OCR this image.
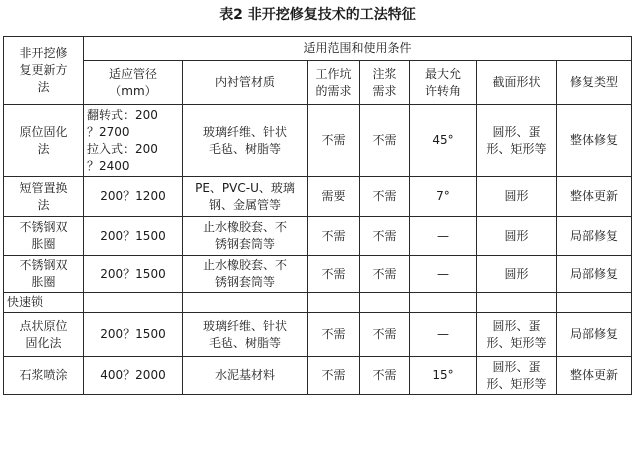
表2 非开挖修复技术的工法特征
非开挖修
复更新方
法	适用范围和使用条件						
	适应管径
（mm）	内衬管材质	工作坑
的需求	注浆
需求	最大允
许转角	截面形状	修复类型
原位固化
法	翻转式：200
？2700
拉入式：200
？2400	玻璃纤维、针状
毛毡、树脂等	不需	不需	45°	圆形、蛋
形、矩形等	整体修复
短管置换
法	200？1200	PE、PVC-U、玻璃
钢、金属管等	需要	不需	7°	圆形	整体更新
不锈钢双
胀圈	200？1500	止水橡胶套、不
锈钢套筒等	不需	不需	—	圆形	局部修复
不锈钢双
胀圈	200？1500	止水橡胶套、不
锈钢套筒等	不需	不需	—	圆形	局部修复
快速锁							
点状原位
固化法	200？1500	玻璃纤维、针状
毛毡、树脂等	不需	不需	—	圆形、蛋
形、矩形等	局部修复
石浆喷涂	400？2000	水泥基材料	不需	不需	15°	圆形、蛋
形、矩形等	整体更新
